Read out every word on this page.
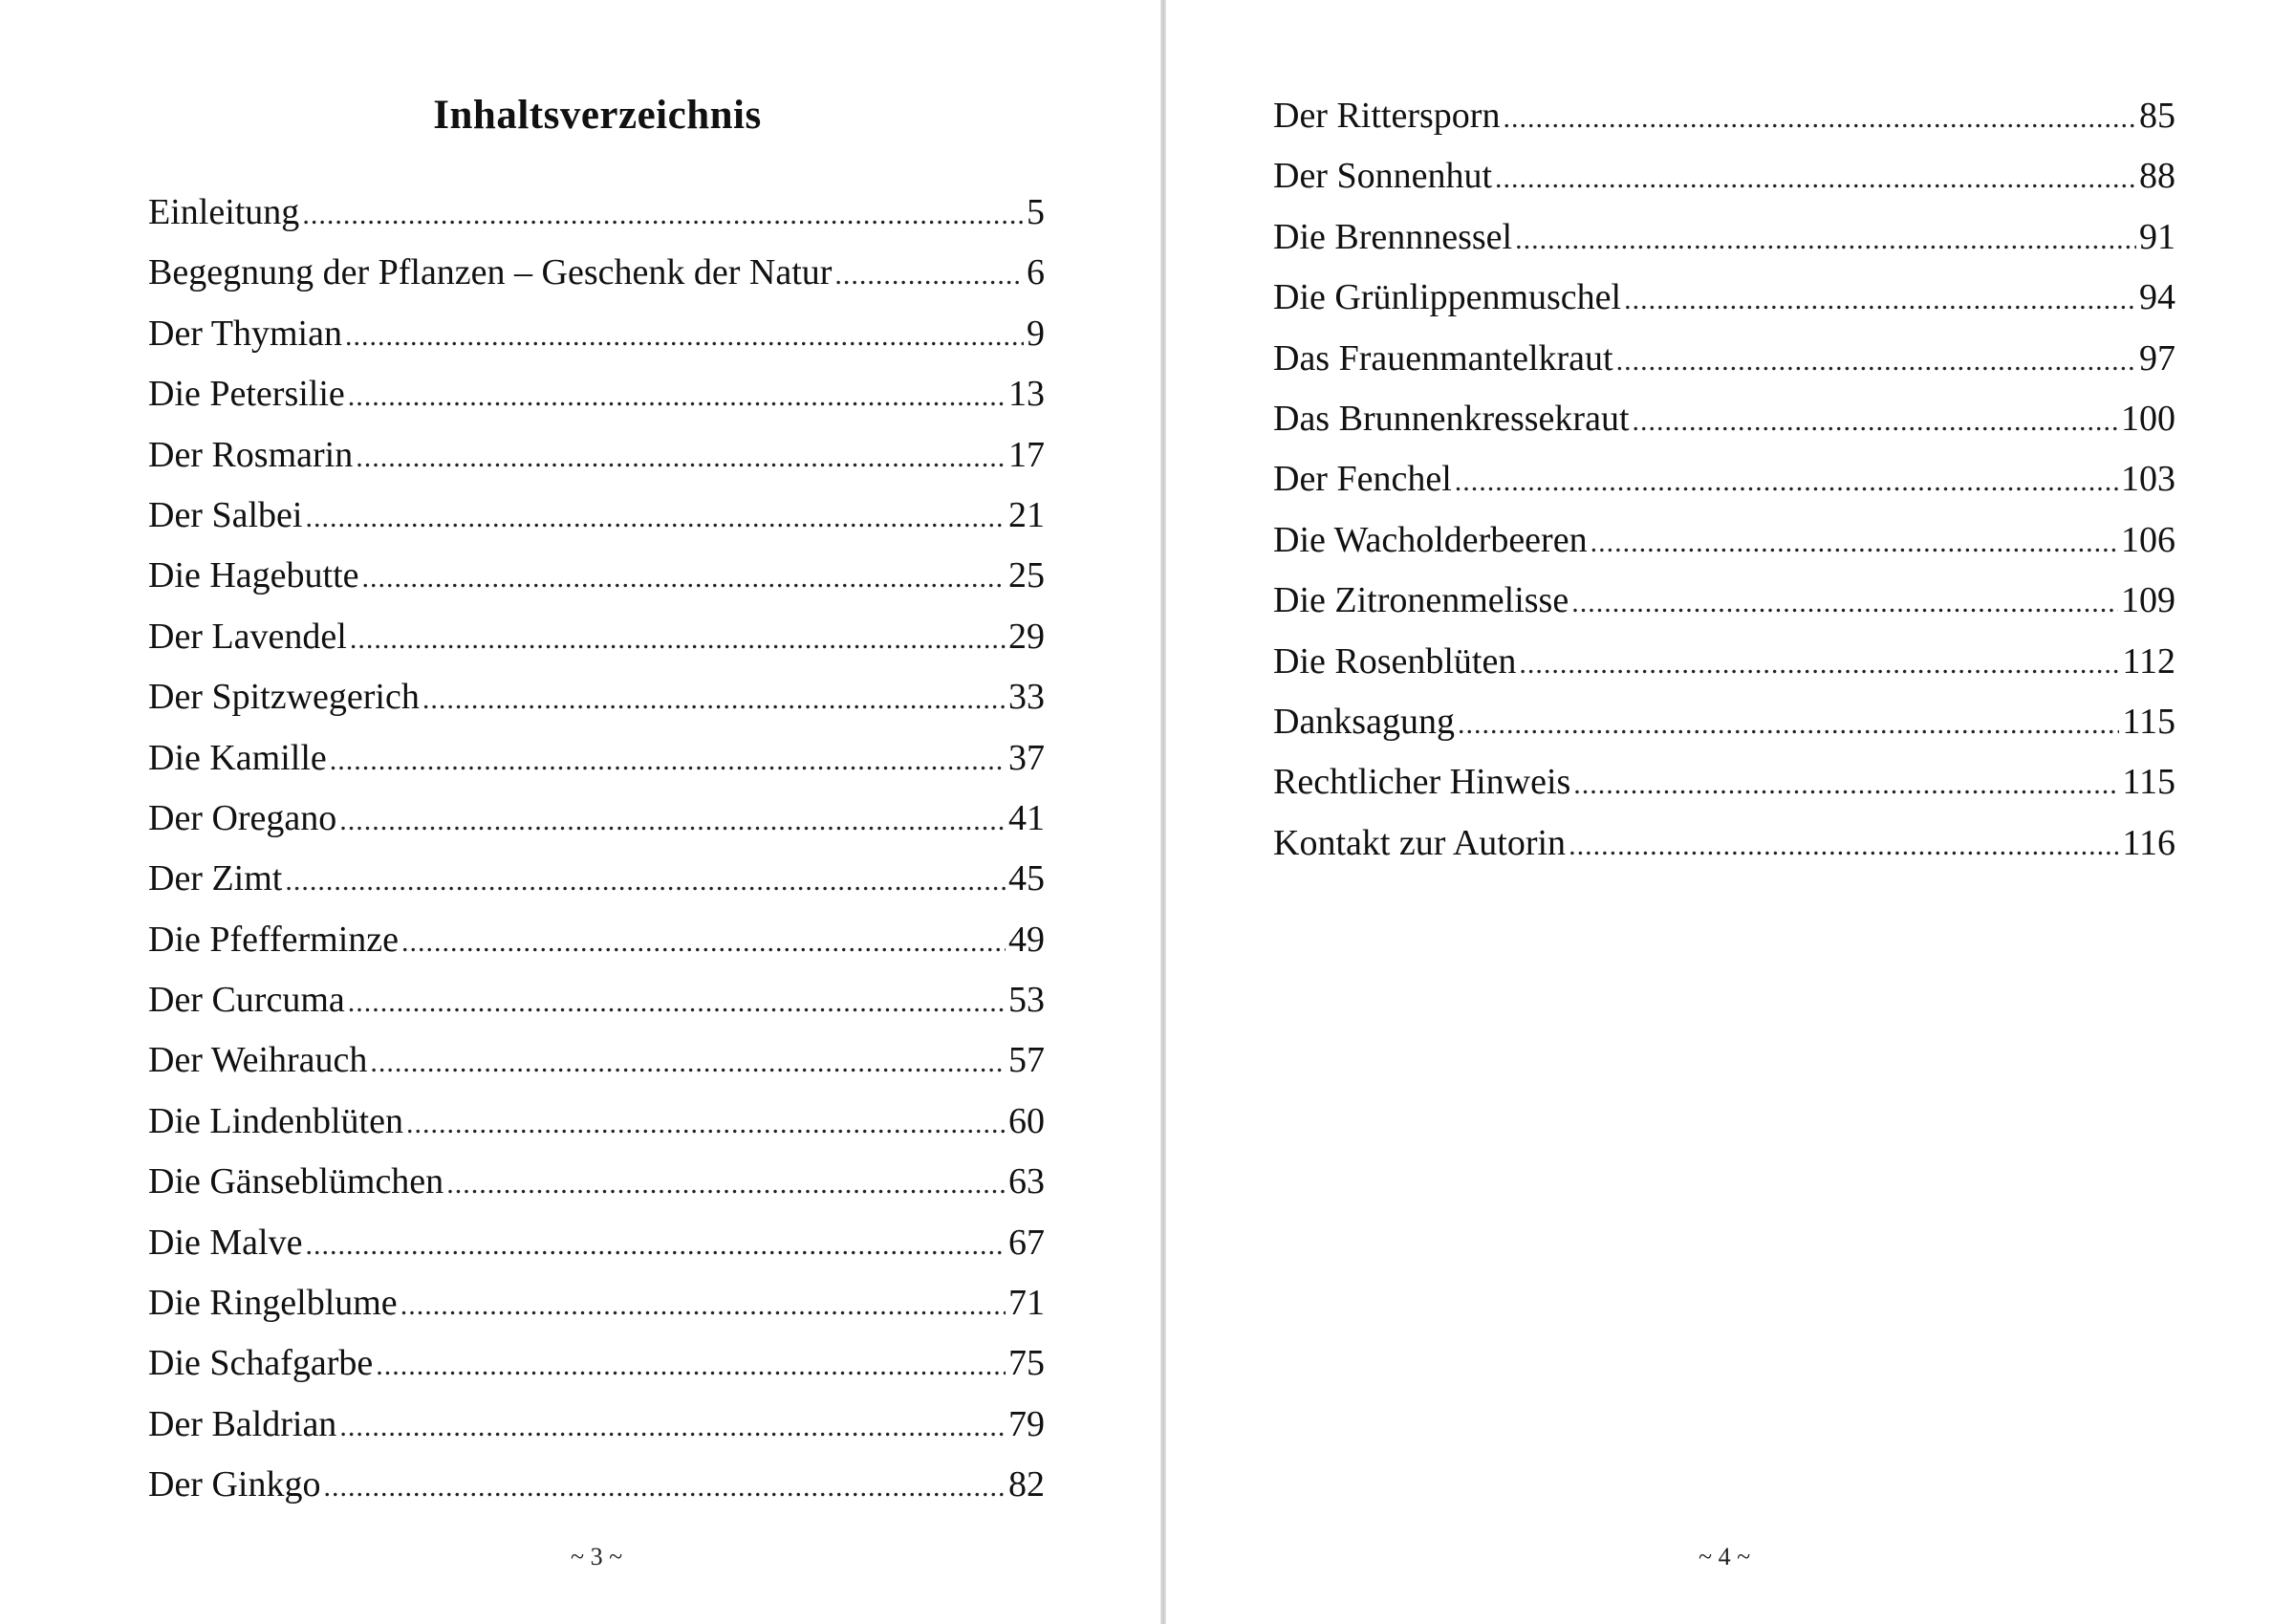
Inhaltsverzeichnis
Einleitung .....	5
Begegnung der Pflanzen – Geschenk der Natur .....	6
Der Thymian .....	9
Die Petersilie .....	13
Der Rosmarin .....	17
Der Salbei .....	21
Die Hagebutte .....	25
Der Lavendel .....	29
Der Spitzwegerich .....	33
Die Kamille .....	37
Der Oregano .....	41
Der Zimt .....	45
Die Pfefferminze .....	49
Der Curcuma .....	53
Der Weihrauch .....	57
Die Lindenblüten .....	60
Die Gänseblümchen .....	63
Die Malve .....	67
Die Ringelblume .....	71
Die Schafgarbe .....	75
Der Baldrian .....	79
Der Ginkgo .....	82
~ 3 ~
Der Rittersporn .....	85
Der Sonnenhut .....	88
Die Brennnessel .....	91
Die Grünlippenmuschel .....	94
Das Frauenmantelkraut .....	97
Das Brunnenkressekraut .....	100
Der Fenchel .....	103
Die Wacholderbeeren .....	106
Die Zitronenmelisse .....	109
Die Rosenblüten .....	112
Danksagung .....	115
Rechtlicher Hinweis .....	115
Kontakt zur Autorin .....	116
~ 4 ~
